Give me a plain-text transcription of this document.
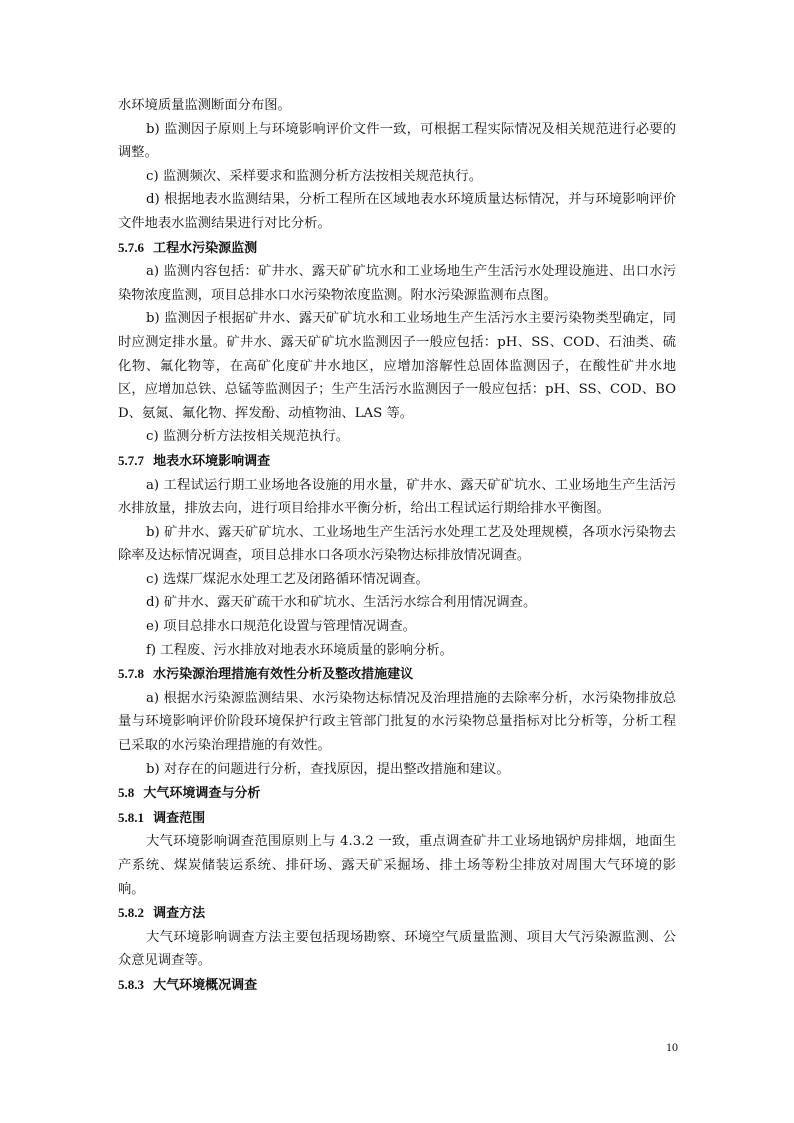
水环境质量监测断面分布图。

b) 监测因子原则上与环境影响评价文件一致，可根据工程实际情况及相关规范进行必要的调整。

c) 监测频次、采样要求和监测分析方法按相关规范执行。

d) 根据地表水监测结果，分析工程所在区域地表水环境质量达标情况，并与环境影响评价文件地表水监测结果进行对比分析。

5.7.6 工程水污染源监测

a) 监测内容包括：矿井水、露天矿矿坑水和工业场地生产生活污水处理设施进、出口水污染物浓度监测，项目总排水口水污染物浓度监测。附水污染源监测布点图。

b) 监测因子根据矿井水、露天矿矿坑水和工业场地生产生活污水主要污染物类型确定，同时应测定排水量。矿井水、露天矿矿坑水监测因子一般应包括：pH、SS、COD、石油类、硫化物、氟化物等，在高矿化度矿井水地区，应增加溶解性总固体监测因子，在酸性矿井水地区，应增加总铁、总锰等监测因子；生产生活污水监测因子一般应包括：pH、SS、COD、BOD、氨氮、氟化物、挥发酚、动植物油、LAS 等。

c) 监测分析方法按相关规范执行。

5.7.7 地表水环境影响调查

a) 工程试运行期工业场地各设施的用水量，矿井水、露天矿矿坑水、工业场地生产生活污水排放量，排放去向，进行项目给排水平衡分析，给出工程试运行期给排水平衡图。

b) 矿井水、露天矿矿坑水、工业场地生产生活污水处理工艺及处理规模，各项水污染物去除率及达标情况调查，项目总排水口各项水污染物达标排放情况调查。

c) 选煤厂煤泥水处理工艺及闭路循环情况调查。

d) 矿井水、露天矿疏干水和矿坑水、生活污水综合利用情况调查。

e) 项目总排水口规范化设置与管理情况调查。

f) 工程废、污水排放对地表水环境质量的影响分析。

5.7.8 水污染源治理措施有效性分析及整改措施建议

a) 根据水污染源监测结果、水污染物达标情况及治理措施的去除率分析，水污染物排放总量与环境影响评价阶段环境保护行政主管部门批复的水污染物总量指标对比分析等，分析工程已采取的水污染治理措施的有效性。

b) 对存在的问题进行分析，查找原因，提出整改措施和建议。

5.8 大气环境调查与分析

5.8.1 调查范围

大气环境影响调查范围原则上与 4.3.2 一致，重点调查矿井工业场地锅炉房排烟，地面生产系统、煤炭储装运系统、排矸场、露天矿采掘场、排土场等粉尘排放对周围大气环境的影响。

5.8.2 调查方法

大气环境影响调查方法主要包括现场勘察、环境空气质量监测、项目大气污染源监测、公众意见调查等。

5.8.3 大气环境概况调查

10
